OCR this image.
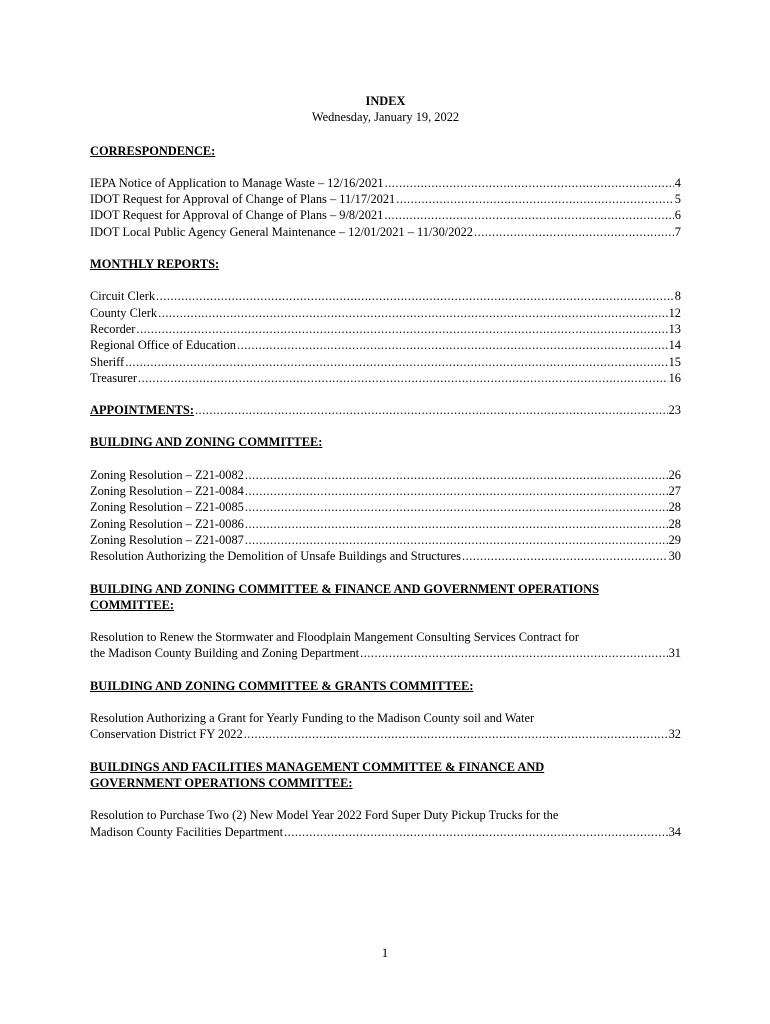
INDEX
Wednesday, January 19, 2022
CORRESPONDENCE:
IEPA Notice of Application to Manage Waste – 12/16/2021 .....	4
IDOT Request for Approval of Change of Plans – 11/17/2021 .....	5
IDOT Request for Approval of Change of Plans – 9/8/2021 .....	6
IDOT Local Public Agency General Maintenance – 12/01/2021 – 11/30/2022 .....	7
MONTHLY REPORTS:
Circuit Clerk .....	8
County Clerk .....	12
Recorder .....	13
Regional Office of Education .....	14
Sheriff .....	15
Treasurer .....	16
APPOINTMENTS: .....	23
BUILDING AND ZONING COMMITTEE:
Zoning Resolution – Z21-0082 .....	26
Zoning Resolution – Z21-0084 .....	27
Zoning Resolution – Z21-0085 .....	28
Zoning Resolution – Z21-0086 .....	28
Zoning Resolution – Z21-0087 .....	29
Resolution Authorizing the Demolition of Unsafe Buildings and Structures .....	30
BUILDING AND ZONING COMMITTEE & FINANCE AND GOVERNMENT OPERATIONS
COMMITTEE:
Resolution to Renew the Stormwater and Floodplain Mangement Consulting Services Contract for
the Madison County Building and Zoning Department .....	31
BUILDING AND ZONING COMMITTEE & GRANTS COMMITTEE:
Resolution Authorizing a Grant for Yearly Funding to the Madison County soil and Water
Conservation District FY 2022 .....	32
BUILDINGS AND FACILITIES MANAGEMENT COMMITTEE & FINANCE AND
GOVERNMENT OPERATIONS COMMITTEE:
Resolution to Purchase Two (2) New Model Year 2022 Ford Super Duty Pickup Trucks for the
Madison County Facilities Department .....	34
1
